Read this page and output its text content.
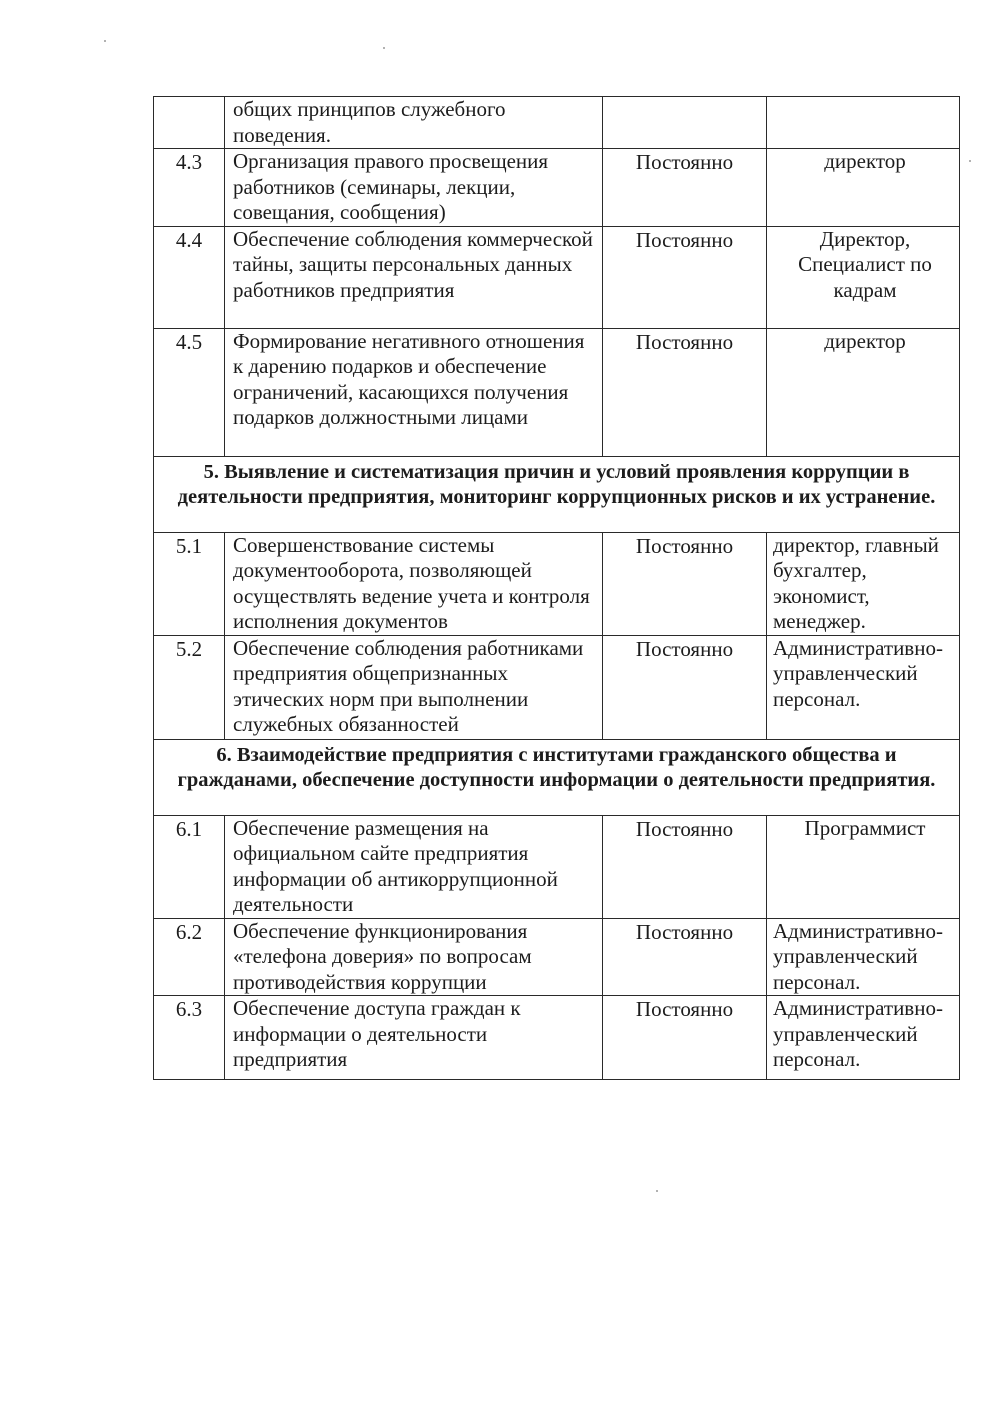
	общих принципов служебного поведения.		
4.3	Организация правого просвещения работников (семинары, лекции, совещания, сообщения)	Постоянно	директор
4.4	Обеспечение соблюдения коммерческой тайны, защиты персональных данных работников предприятия	Постоянно	Директор, Специалист по кадрам
4.5	Формирование негативного отношения к дарению подарков и обеспечение ограничений, касающихся получения подарков должностными лицами	Постоянно	директор
5. Выявление и систематизация причин и условий проявления коррупции в деятельности предприятия, мониторинг коррупционных рисков и их устранение.			
5.1	Совершенствование системы документооборота, позволяющей осуществлять ведение учета и контроля исполнения документов	Постоянно	директор, главный бухгалтер, экономист, менеджер.
5.2	Обеспечение соблюдения работниками предприятия общепризнанных этических норм при выполнении служебных обязанностей	Постоянно	Административно-управленческий персонал.
6. Взаимодействие предприятия с институтами гражданского общества и гражданами, обеспечение доступности информации о деятельности предприятия.			
6.1	Обеспечение размещения на официальном сайте предприятия информации об антикоррупционной деятельности	Постоянно	Программист
6.2	Обеспечение функционирования «телефона доверия» по вопросам противодействия коррупции	Постоянно	Административно-управленческий персонал.
6.3	Обеспечение доступа граждан к информации о деятельности предприятия	Постоянно	Административно-управленческий персонал.
